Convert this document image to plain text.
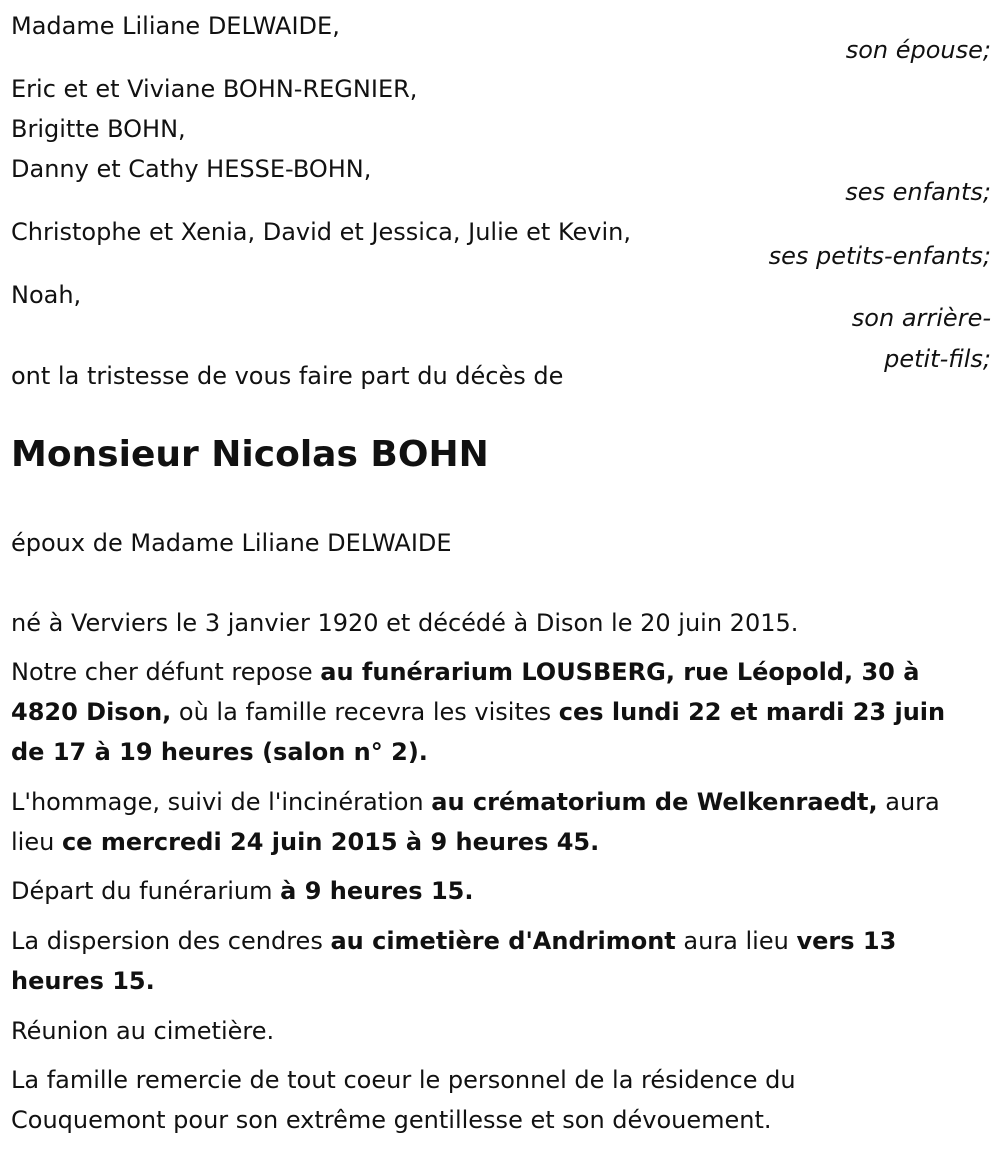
Madame Liliane DELWAIDE,
son épouse;
Eric et et Viviane BOHN-REGNIER,
Brigitte BOHN,
Danny et Cathy HESSE-BOHN,
ses enfants;
Christophe et Xenia, David et Jessica, Julie et Kevin,
ses petits-enfants;
Noah,
son arrière-
petit-fils;
ont la tristesse de vous faire part du décès de
Monsieur Nicolas BOHN
époux de Madame Liliane DELWAIDE
né à Verviers le 3 janvier 1920 et décédé à Dison le 20 juin 2015.
Notre cher défunt repose au funérarium LOUSBERG, rue Léopold, 30 à 4820 Dison, où la famille recevra les visites ces lundi 22 et mardi 23 juin de 17 à 19 heures (salon n° 2).
L'hommage, suivi de l'incinération au crématorium de Welkenraedt, aura lieu ce mercredi 24 juin 2015 à 9 heures 45.
Départ du funérarium à 9 heures 15.
La dispersion des cendres au cimetière d'Andrimont aura lieu vers 13 heures 15.
Réunion au cimetière.
La famille remercie de tout coeur le personnel de la résidence du Couquemont pour son extrême gentillesse et son dévouement.
